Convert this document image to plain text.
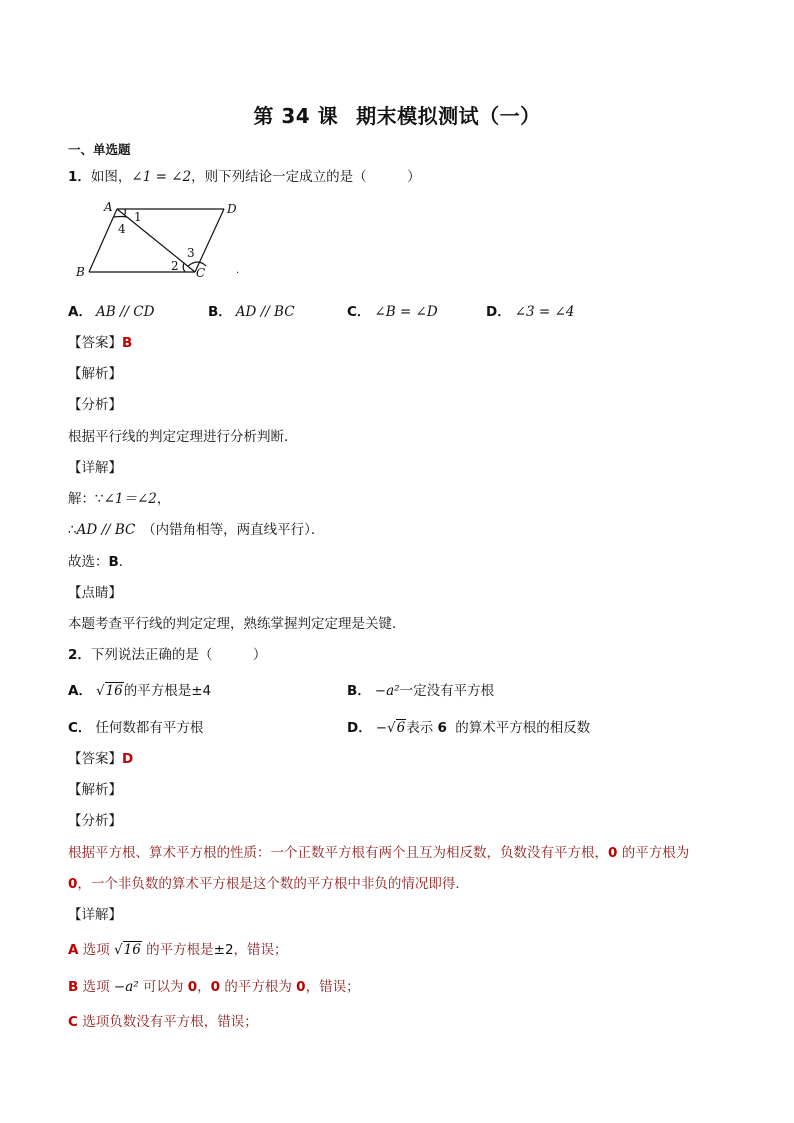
第 34 课 期末模拟测试（一）
一、单选题
1．如图，∠1 = ∠2，则下列结论一定成立的是（　　　）
A	D
B	C
1
4
2
3
.
A． AB // CD	B． AD // BC	C． ∠B = ∠D	D． ∠3 = ∠4
【答案】B
【解析】
【分析】
根据平行线的判定定理进行分析判断．
【详解】
解：∵∠1＝∠2，
∴AD // BC　（内错角相等，两直线平行）．
故选：B．
【点睛】
本题考查平行线的判定定理，熟练掌握判定定理是关键．
2．下列说法正确的是（　　　）
A． √16的平方根是±4	B． −a²一定没有平方根
C． 任何数都有平方根	D． −√6表示 6 的算术平方根的相反数
【答案】D
【解析】
【分析】
根据平方根、算术平方根的性质：一个正数平方根有两个且互为相反数，负数没有平方根，0 的平方根为
0，一个非负数的算术平方根是这个数的平方根中非负的情况即得．
【详解】
A 选项 √16 的平方根是±2，错误；
B 选项 −a² 可以为 0，0 的平方根为 0，错误；
C 选项负数没有平方根，错误；
